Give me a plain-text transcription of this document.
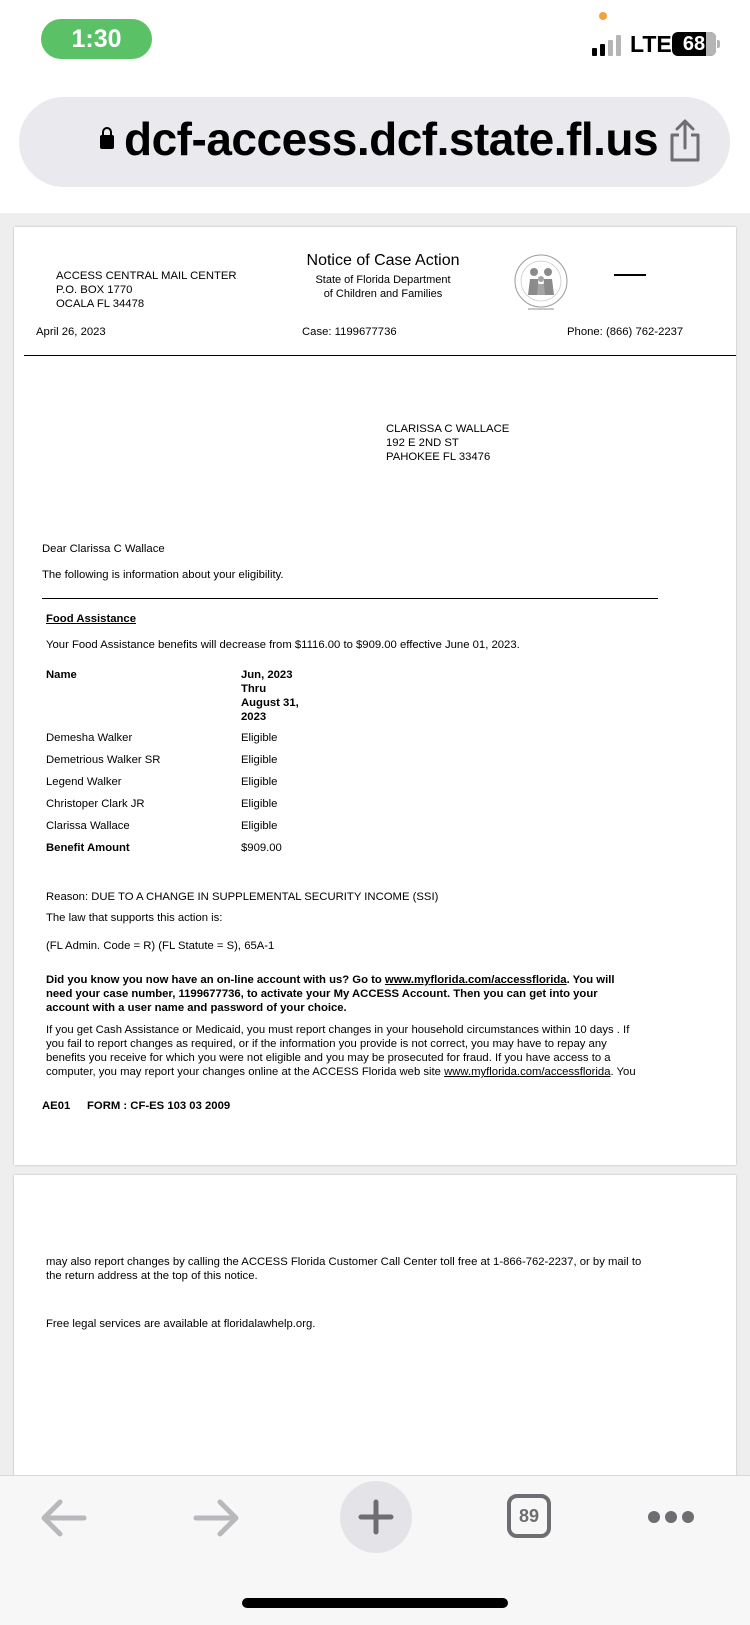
1:30	LTE 68
dcf-access.dcf.state.fl.us
ACCESS CENTRAL MAIL CENTER
P.O. BOX 1770
OCALA FL 34478
Notice of Case Action
State of Florida Department
of Children and Families
April 26, 2023	Case: 1199677736	Phone: (866) 762-2237
CLARISSA C WALLACE
192 E 2ND ST
PAHOKEE FL 33476
Dear Clarissa C Wallace
The following is information about your eligibility.
Food Assistance
Your Food Assistance benefits will decrease from $1116.00 to $909.00 effective June 01, 2023.
Name	Jun, 2023
Thru
August 31,
2023
Demesha Walker	Eligible
Demetrious Walker SR	Eligible
Legend Walker	Eligible
Christoper Clark JR	Eligible
Clarissa Wallace	Eligible
Benefit Amount	$909.00
Reason: DUE TO A CHANGE IN SUPPLEMENTAL SECURITY INCOME (SSI)
The law that supports this action is:
(FL Admin. Code = R) (FL Statute = S), 65A-1
Did you know you now have an on-line account with us? Go to www.myflorida.com/accessflorida. You will
need your case number, 1199677736, to activate your My ACCESS Account. Then you can get into your
account with a user name and password of your choice.
If you get Cash Assistance or Medicaid, you must report changes in your household circumstances within 10 days . If
you fail to report changes as required, or if the information you provide is not correct, you may have to repay any
benefits you receive for which you were not eligible and you may be prosecuted for fraud. If you have access to a
computer, you may report your changes online at the ACCESS Florida web site www.myflorida.com/accessflorida. You
AE01 FORM : CF-ES 103 03 2009
may also report changes by calling the ACCESS Florida Customer Call Center toll free at 1-866-762-2237, or by mail to
the return address at the top of this notice.
Free legal services are available at floridalawhelp.org.
89
